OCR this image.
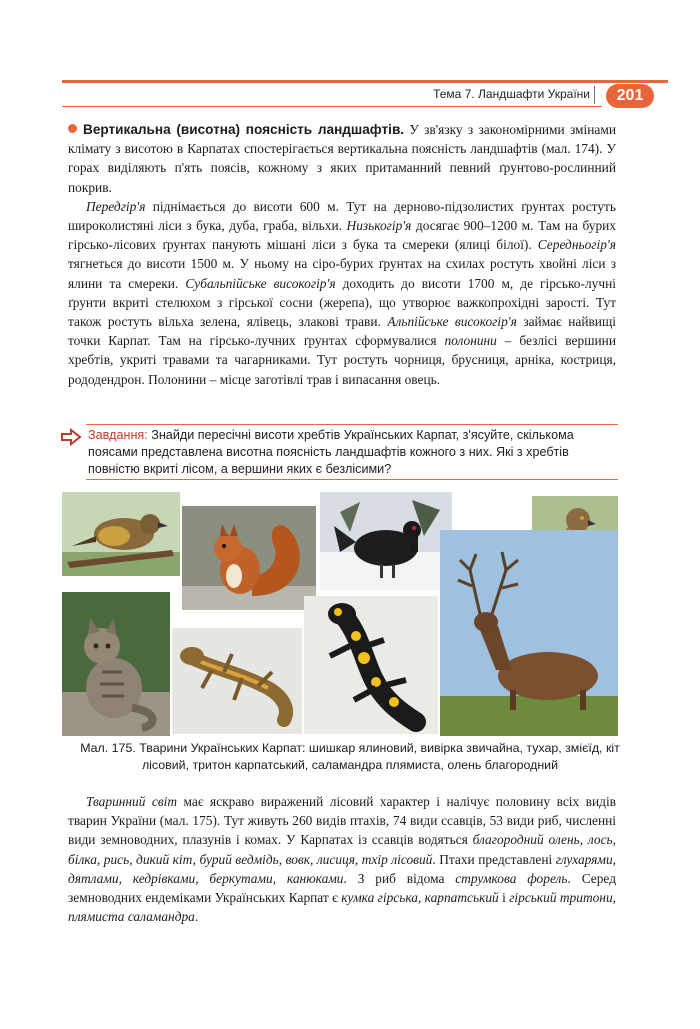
Тема 7. Ландшафти України	201

Вертикальна (висотна) поясність ландшафтів. У зв'язку з закономірними змінами клімату з висотою в Карпатах спостерігається вертикальна поясність ландшафтів (мал. 174). У горах виділяють п'ять поясів, кожному з яких притаманний певний ґрунтово-рослинний покрив.

Передгір'я піднімається до висоти 600 м. Тут на дерново-підзолистих ґрунтах ростуть широколистяні ліси з бука, дуба, граба, вільхи. Низькогір'я досягає 900–1200 м. Там на бурих гірсько-лісових ґрунтах панують мішані ліси з бука та смереки (ялиці білої). Середньогір'я тягнеться до висоти 1500 м. У ньому на сіро-бурих ґрунтах на схилах ростуть хвойні ліси з ялини та смереки. Субальпійське високогір'я доходить до висоти 1700 м, де гірсько-лучні ґрунти вкриті стелюхом з гірської сосни (жерепа), що утворює важкопрохідні зарості. Тут також ростуть вільха зелена, ялівець, злакові трави. Альпійське високогір'я займає найвищі точки Карпат. Там на гірсько-лучних ґрунтах сформувалися полонини – безлісі вершини хребтів, укриті травами та чагарниками. Тут ростуть чорниця, брусниця, арніка, костриця, рододендрон. Полонини – місце заготівлі трав і випасання овець.

Завдання: Знайди пересічні висоти хребтів Українських Карпат, з'ясуйте, скількома поясами представлена висотна поясність ландшафтів кожного з них. Які з хребтів повністю вкриті лісом, а вершини яких є безлісими?
Мал. 175. Тварини Українських Карпат: шишкар ялиновий, вивірка звичайна, тухар, змієїд, кіт лісовий, тритон карпатський, саламандра плямиста, олень благородний

Тваринний світ має яскраво виражений лісовий характер і налічує половину всіх видів тварин України (мал. 175). Тут живуть 260 видів птахів, 74 види ссавців, 53 види риб, численні види земноводних, плазунів і комах. У Карпатах із ссавців водяться благородний олень, лось, білка, рись, дикий кіт, бурий ведмідь, вовк, лисиця, тхір лісовий. Птахи представлені глухарями, дятлами, кедрівками, беркутами, канюками. З риб відома струмкова форель. Серед земноводних ендеміками Українських Карпат є кумка гірська, карпатський і гірський тритони, плямиста саламандра.
